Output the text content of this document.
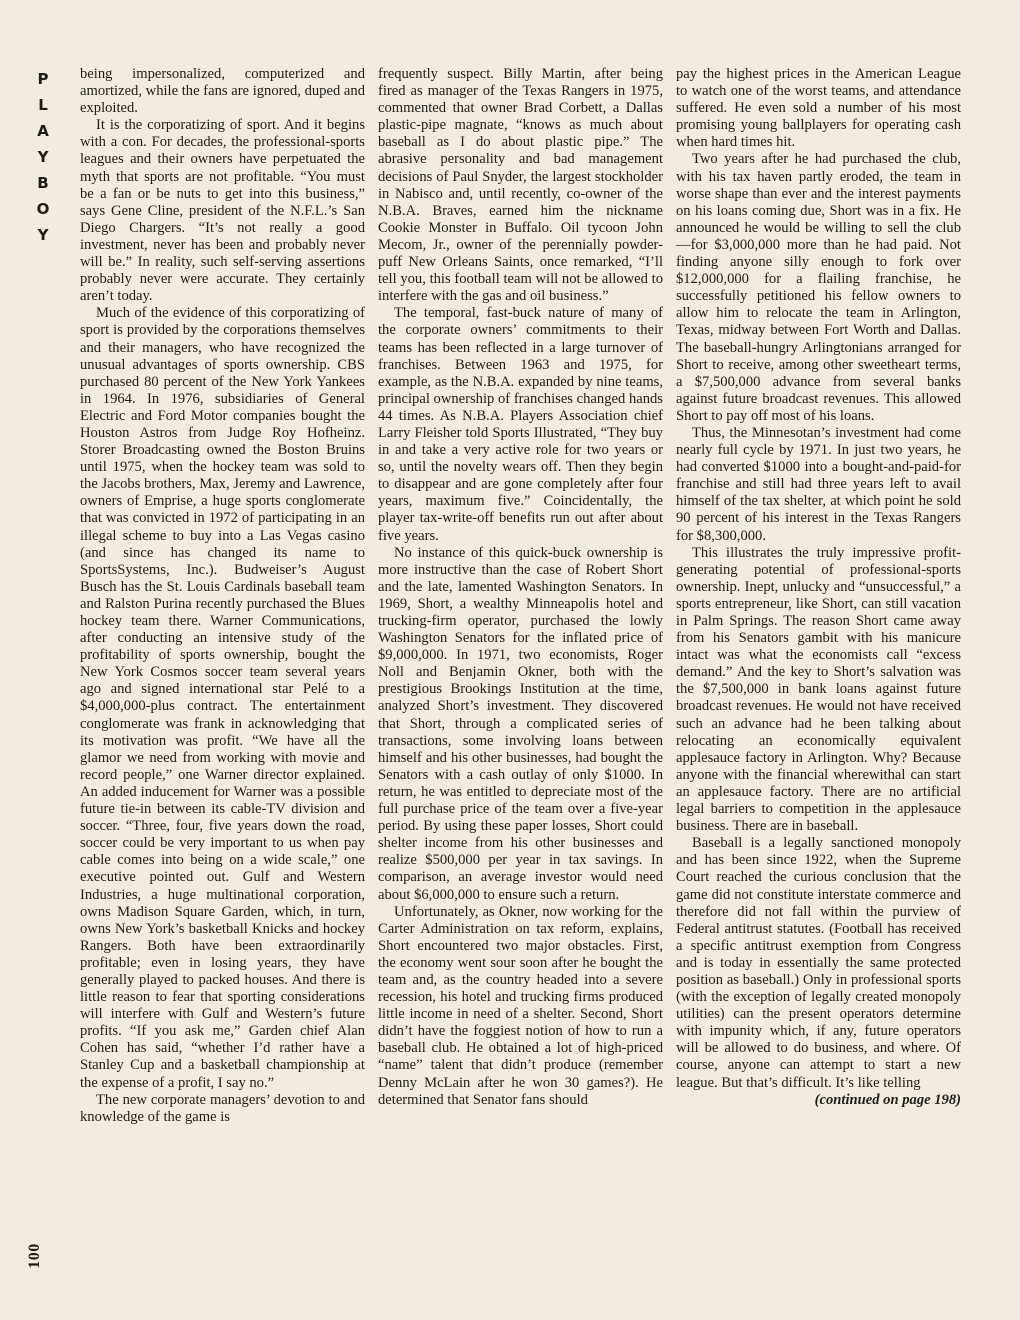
P
L
A
Y
B
O
Y
100

being impersonalized, computerized and amortized, while the fans are ignored, duped and exploited.

It is the corporatizing of sport. And it begins with a con. For decades, the professional-sports leagues and their owners have perpetuated the myth that sports are not profitable. “You must be a fan or be nuts to get into this business,” says Gene Cline, president of the N.F.L.’s San Diego Chargers. “It’s not really a good investment, never has been and probably never will be.” In reality, such self-serving assertions probably never were accurate. They certainly aren’t today.

Much of the evidence of this corporatizing of sport is provided by the corporations themselves and their managers, who have recognized the unusual advantages of sports ownership. CBS purchased 80 percent of the New York Yankees in 1964. In 1976, subsidiaries of General Electric and Ford Motor companies bought the Houston Astros from Judge Roy Hofheinz. Storer Broadcasting owned the Boston Bruins until 1975, when the hockey team was sold to the Jacobs brothers, Max, Jeremy and Lawrence, owners of Emprise, a huge sports conglomerate that was convicted in 1972 of participating in an illegal scheme to buy into a Las Vegas casino (and since has changed its name to SportsSystems, Inc.). Budweiser’s August Busch has the St. Louis Cardinals baseball team and Ralston Purina recently purchased the Blues hockey team there. Warner Communications, after conducting an intensive study of the profitability of sports ownership, bought the New York Cosmos soccer team several years ago and signed international star Pelé to a $4,000,000-plus contract. The entertainment conglomerate was frank in acknowledging that its motivation was profit. “We have all the glamor we need from working with movie and record people,” one Warner director explained. An added inducement for Warner was a possible future tie-in between its cable-TV division and soccer. “Three, four, five years down the road, soccer could be very important to us when pay cable comes into being on a wide scale,” one executive pointed out. Gulf and Western Industries, a huge multinational corporation, owns Madison Square Garden, which, in turn, owns New York’s basketball Knicks and hockey Rangers. Both have been extraordinarily profitable; even in losing years, they have generally played to packed houses. And there is little reason to fear that sporting considerations will interfere with Gulf and Western’s future profits. “If you ask me,” Garden chief Alan Cohen has said, “whether I’d rather have a Stanley Cup and a basketball championship at the expense of a profit, I say no.”

The new corporate managers’ devotion to and knowledge of the game is

frequently suspect. Billy Martin, after being fired as manager of the Texas Rangers in 1975, commented that owner Brad Corbett, a Dallas plastic-pipe magnate, “knows as much about baseball as I do about plastic pipe.” The abrasive personality and bad management decisions of Paul Snyder, the largest stockholder in Nabisco and, until recently, co-owner of the N.B.A. Braves, earned him the nickname Cookie Monster in Buffalo. Oil tycoon John Mecom, Jr., owner of the perennially powder-puff New Orleans Saints, once remarked, “I’ll tell you, this football team will not be allowed to interfere with the gas and oil business.”

The temporal, fast-buck nature of many of the corporate owners’ commitments to their teams has been reflected in a large turnover of franchises. Between 1963 and 1975, for example, as the N.B.A. expanded by nine teams, principal ownership of franchises changed hands 44 times. As N.B.A. Players Association chief Larry Fleisher told Sports Illustrated, “They buy in and take a very active role for two years or so, until the novelty wears off. Then they begin to disappear and are gone completely after four years, maximum five.” Coincidentally, the player tax-write-off benefits run out after about five years.

No instance of this quick-buck ownership is more instructive than the case of Robert Short and the late, lamented Washington Senators. In 1969, Short, a wealthy Minneapolis hotel and trucking-firm operator, purchased the lowly Washington Senators for the inflated price of $9,000,000. In 1971, two economists, Roger Noll and Benjamin Okner, both with the prestigious Brookings Institution at the time, analyzed Short’s investment. They discovered that Short, through a complicated series of transactions, some involving loans between himself and his other businesses, had bought the Senators with a cash outlay of only $1000. In return, he was entitled to depreciate most of the full purchase price of the team over a five-year period. By using these paper losses, Short could shelter income from his other businesses and realize $500,000 per year in tax savings. In comparison, an average investor would need about $6,000,000 to ensure such a return.

Unfortunately, as Okner, now working for the Carter Administration on tax reform, explains, Short encountered two major obstacles. First, the economy went sour soon after he bought the team and, as the country headed into a severe recession, his hotel and trucking firms produced little income in need of a shelter. Second, Short didn’t have the foggiest notion of how to run a baseball club. He obtained a lot of high-priced “name” talent that didn’t produce (remember Denny McLain after he won 30 games?). He determined that Senator fans should

pay the highest prices in the American League to watch one of the worst teams, and attendance suffered. He even sold a number of his most promising young ballplayers for operating cash when hard times hit.

Two years after he had purchased the club, with his tax haven partly eroded, the team in worse shape than ever and the interest payments on his loans coming due, Short was in a fix. He announced he would be willing to sell the club—for $3,000,000 more than he had paid. Not finding anyone silly enough to fork over $12,000,000 for a flailing franchise, he successfully petitioned his fellow owners to allow him to relocate the team in Arlington, Texas, midway between Fort Worth and Dallas. The baseball-hungry Arlingtonians arranged for Short to receive, among other sweetheart terms, a $7,500,000 advance from several banks against future broadcast revenues. This allowed Short to pay off most of his loans.

Thus, the Minnesotan’s investment had come nearly full cycle by 1971. In just two years, he had converted $1000 into a bought-and-paid-for franchise and still had three years left to avail himself of the tax shelter, at which point he sold 90 percent of his interest in the Texas Rangers for $8,300,000.

This illustrates the truly impressive profit-generating potential of professional-sports ownership. Inept, unlucky and “unsuccessful,” a sports entrepreneur, like Short, can still vacation in Palm Springs. The reason Short came away from his Senators gambit with his manicure intact was what the economists call “excess demand.” And the key to Short’s salvation was the $7,500,000 in bank loans against future broadcast revenues. He would not have received such an advance had he been talking about relocating an economically equivalent applesauce factory in Arlington. Why? Because anyone with the financial wherewithal can start an applesauce factory. There are no artificial legal barriers to competition in the applesauce business. There are in baseball.

Baseball is a legally sanctioned monopoly and has been since 1922, when the Supreme Court reached the curious conclusion that the game did not constitute interstate commerce and therefore did not fall within the purview of Federal antitrust statutes. (Football has received a specific antitrust exemption from Congress and is today in essentially the same protected position as baseball.) Only in professional sports (with the exception of legally created monopoly utilities) can the present operators determine with impunity which, if any, future operators will be allowed to do business, and where. Of course, anyone can attempt to start a new league. But that’s difficult. It’s like telling

(continued on page 198)
